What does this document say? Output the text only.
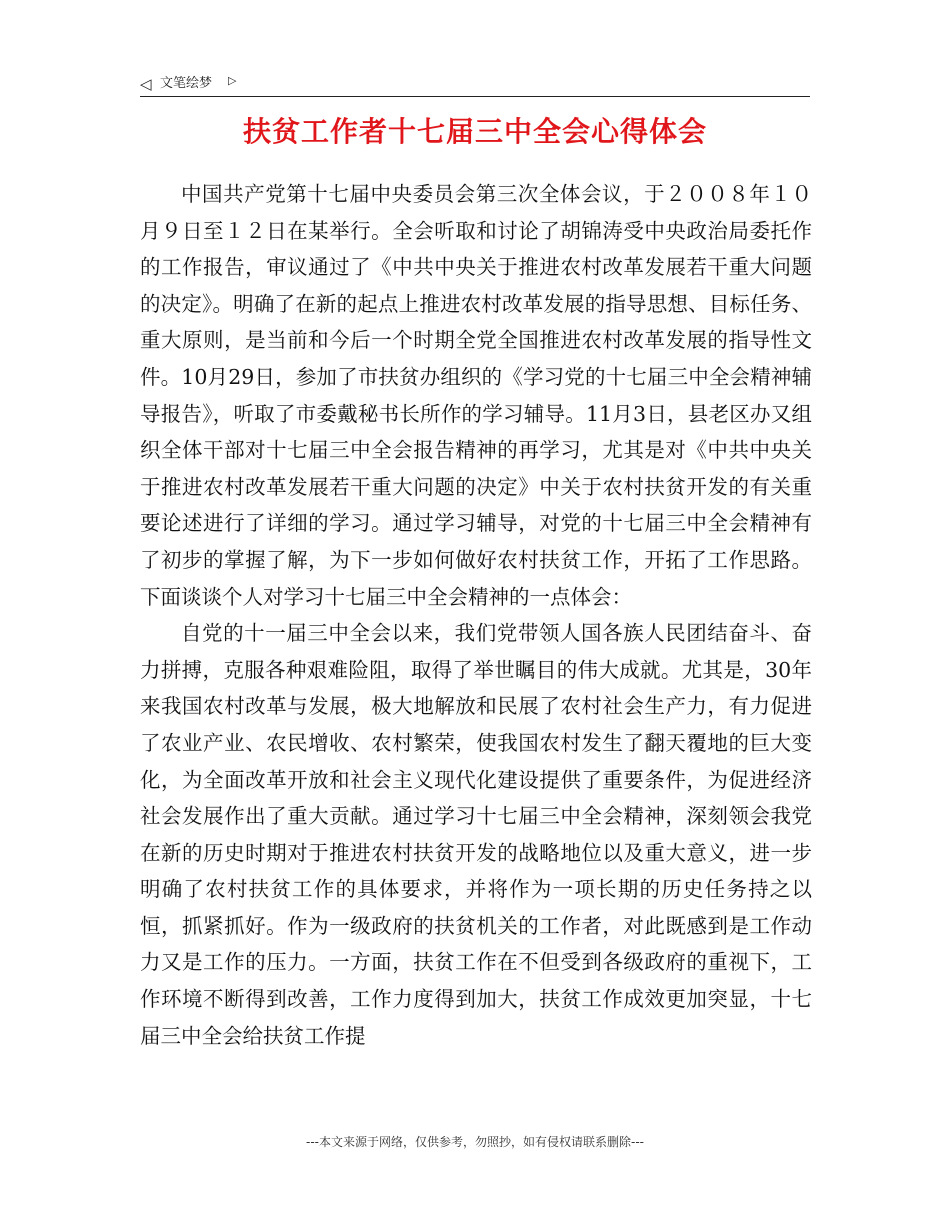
◁ 文笔绘梦 ▷
扶贫工作者十七届三中全会心得体会

中国共产党第十七届中央委员会第三次全体会议，于２００８年１０月９日至１２日在某举行。全会听取和讨论了胡锦涛受中央政治局委托作的工作报告，审议通过了《中共中央关于推进农村改革发展若干重大问题的决定》。明确了在新的起点上推进农村改革发展的指导思想、目标任务、重大原则，是当前和今后一个时期全党全国推进农村改革发展的指导性文件。10月29日，参加了市扶贫办组织的《学习党的十七届三中全会精神辅导报告》，听取了市委戴秘书长所作的学习辅导。11月3日，县老区办又组织全体干部对十七届三中全会报告精神的再学习，尤其是对《中共中央关于推进农村改革发展若干重大问题的决定》中关于农村扶贫开发的有关重要论述进行了详细的学习。通过学习辅导，对党的十七届三中全会精神有了初步的掌握了解，为下一步如何做好农村扶贫工作，开拓了工作思路。下面谈谈个人对学习十七届三中全会精神的一点体会：

自党的十一届三中全会以来，我们党带领人国各族人民团结奋斗、奋力拼搏，克服各种艰难险阻，取得了举世瞩目的伟大成就。尤其是，30年来我国农村改革与发展，极大地解放和民展了农村社会生产力，有力促进了农业产业、农民增收、农村繁荣，使我国农村发生了翻天覆地的巨大变化，为全面改革开放和社会主义现代化建设提供了重要条件，为促进经济社会发展作出了重大贡献。通过学习十七届三中全会精神，深刻领会我党在新的历史时期对于推进农村扶贫开发的战略地位以及重大意义，进一步明确了农村扶贫工作的具体要求，并将作为一项长期的历史任务持之以恒，抓紧抓好。作为一级政府的扶贫机关的工作者，对此既感到是工作动力又是工作的压力。一方面，扶贫工作在不但受到各级政府的重视下，工作环境不断得到改善，工作力度得到加大，扶贫工作成效更加突显，十七届三中全会给扶贫工作提

---本文来源于网络，仅供参考，勿照抄，如有侵权请联系删除---
